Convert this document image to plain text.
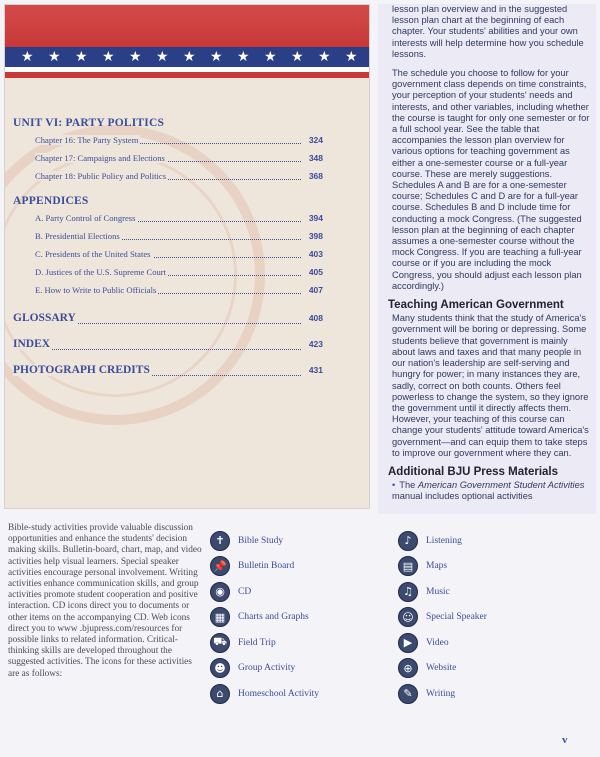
★ ★ ★ ★ ★ ★ ★ ★ ★ ★ ★ ★ ★
UNIT VI: PARTY POLITICS
Chapter 16: The Party System	324
Chapter 17: Campaigns and Elections	348
Chapter 18: Public Policy and Politics	368
APPENDICES
A. Party Control of Congress	394
B. Presidential Elections	398
C. Presidents of the United States	403
D. Justices of the U.S. Supreme Court	405
E. How to Write to Public Officials	407
GLOSSARY	408
INDEX	423
PHOTOGRAPH CREDITS	431

lesson plan overview and in the suggested lesson plan chart at the beginning of each chapter. Your students' abilities and your own interests will help determine how you schedule lessons.

The schedule you choose to follow for your government class depends on time constraints, your perception of your students' needs and interests, and other variables, including whether the course is taught for only one semester or for a full school year. See the table that accompanies the lesson plan overview for various options for teaching government as either a one-semester course or a full-year course. These are merely suggestions. Schedules A and B are for a one-semester course; Schedules C and D are for a full-year course. Schedules B and D include time for conducting a mock Congress. (The suggested lesson plan at the beginning of each chapter assumes a one-semester course without the mock Congress. If you are teaching a full-year course or if you are including the mock Congress, you should adjust each lesson plan accordingly.)

Teaching American Government

Many students think that the study of America's government will be boring or depressing. Some students believe that government is mainly about laws and taxes and that many people in our nation's leadership are self-serving and hungry for power; in many instances they are, sadly, correct on both counts. Others feel powerless to change the system, so they ignore the government until it directly affects them. However, your teaching of this course can change your students' attitude toward America's government—and can equip them to take steps to improve our government where they can.

Additional BJU Press Materials
• The American Government Student Activities manual includes optional activities
Bible-study activities provide valuable discussion opportunities and enhance the students' decision making skills. Bulletin-board, chart, map, and video activities help visual learners. Special speaker activities encourage personal involvement. Writing activities enhance communication skills, and group activities promote student cooperation and positive interaction. CD icons direct you to documents or other items on the accompanying CD. Web icons direct you to www .bjupress.com/resources for possible links to related information. Critical-thinking skills are developed throughout the suggested activities. The icons for these activities are as follows:
✝	Bible Study
📌	Bulletin Board
◉	CD
▦	Charts and Graphs
⛟	Field Trip
☻	Group Activity
⌂	Homeschool Activity
♪	Listening
▤	Maps
♫	Music
☺	Special Speaker
▶	Video
⊕	Website
✎	Writing
v
